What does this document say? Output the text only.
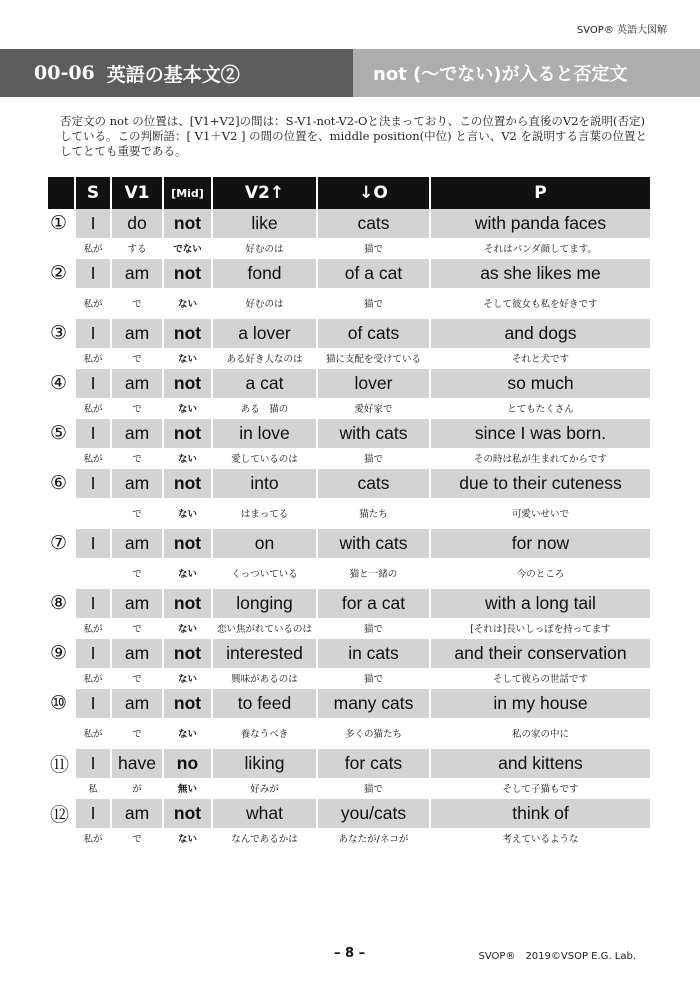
SVOP® 英語大図解
00-06 英語の基本文②	not (〜でない)が入ると否定文
否定文の not の位置は、[V1+V2]の間は：S-V1-not-V2-Oと決まっており、この位置から直後のV2を説明(否定)している。この判断語：[ V1＋V2 ] の間の位置を、middle position(中位) と言い、V2 を説明する言葉の位置としてとても重要である。
	S	V1	[Mid]	V2↑	↓O	P
①	I	do	not	like	cats	with panda faces
	私が	する	でない	好むのは	猫で	それはパンダ顔してます。
②	I	am	not	fond	of a cat	as she likes me
	私が	で	ない	好むのは	猫で	そして彼女も私を好きです
③	I	am	not	a lover	of cats	and dogs
	私が	で	ない	ある好き人なのは	猫に支配を受けている	それと犬です
④	I	am	not	a cat	lover	so much
	私が	で	ない	ある　猫の	愛好家で	とてもたくさん
⑤	I	am	not	in love	with cats	since I was born.
	私が	で	ない	愛しているのは	猫で	その時は私が生まれてからです
⑥	I	am	not	into	cats	due to their cuteness
		で	ない	はまってる	猫たち	可愛いせいで
⑦	I	am	not	on	with cats	for now
		で	ない	くっついている	猫と一緒の	今のところ
⑧	I	am	not	longing	for a cat	with a long tail
	私が	で	ない	恋い焦がれているのは	猫で	[それは]長いしっぽを持ってます
⑨	I	am	not	interested	in cats	and their conservation
	私が	で	ない	興味があるのは	猫で	そして彼らの世話です
⑩	I	am	not	to feed	many cats	in my house
	私が	で	ない	養なうべき	多くの猫たち	私の家の中に
⑪	I	have	no	liking	for cats	and kittens
	私	が	無い	好みが	猫で	そして子猫もです
⑫	I	am	not	what	you/cats	think of
	私が	で	ない	なんであるかは	あなたが/ネコが	考えているような
– 8 –	SVOP®　2019©VSOP E.G. Lab.
